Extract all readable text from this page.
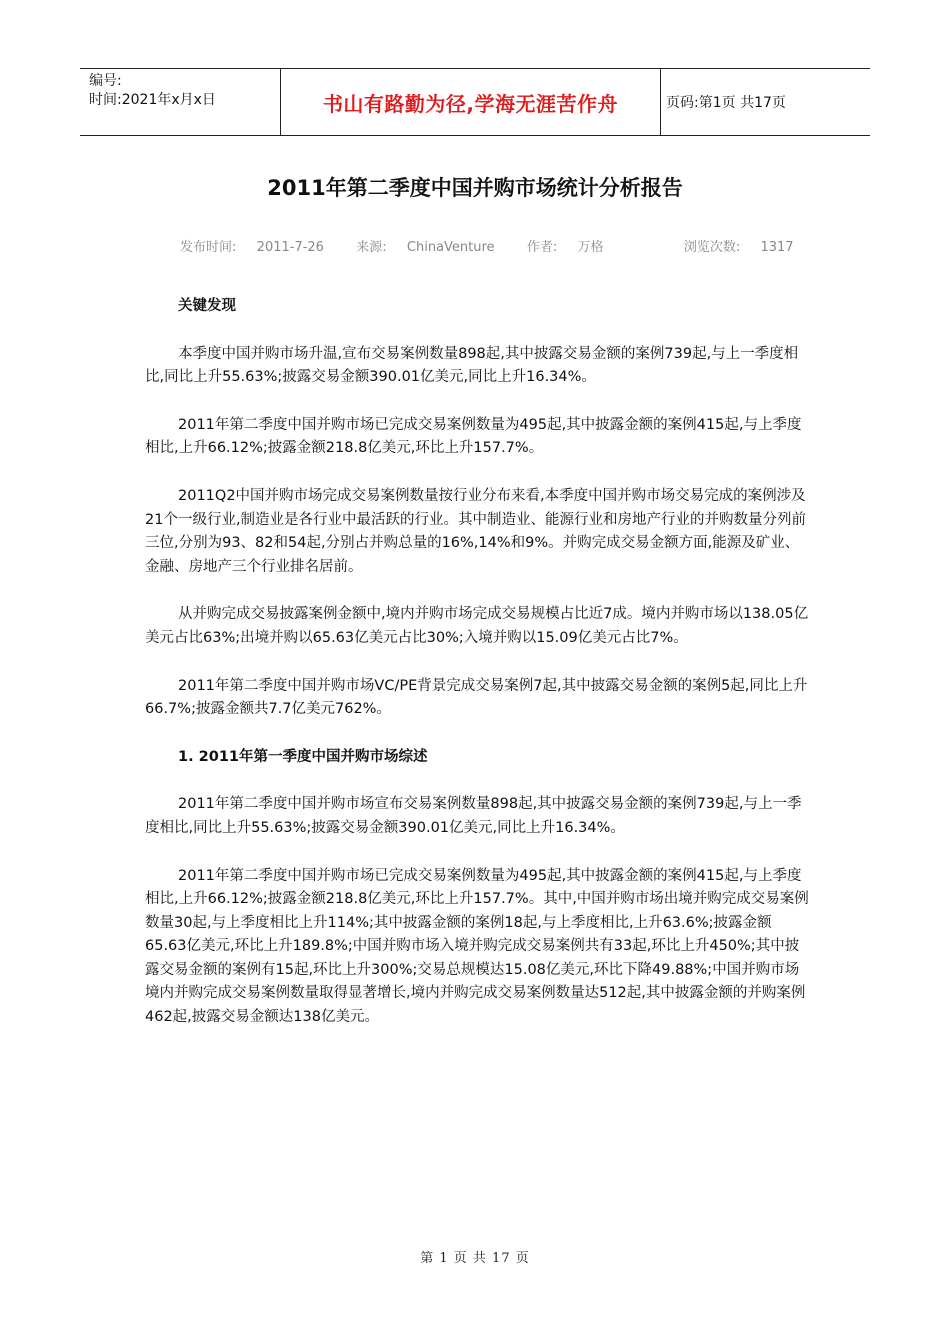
编号:
时间:2021年x月x日	书山有路勤为径,学海无涯苦作舟	页码:第1页 共17页
2011年第二季度中国并购市场统计分析报告
发布时间: 2011-7-26 来源: ChinaVenture 作者: 万格	浏览次数: 1317
关键发现

本季度中国并购市场升温,宣布交易案例数量898起,其中披露交易金额的案例739起,与上一季度相比,同比上升55.63%;披露交易金额390.01亿美元,同比上升16.34%。

2011年第二季度中国并购市场已完成交易案例数量为495起,其中披露金额的案例415起,与上季度相比,上升66.12%;披露金额218.8亿美元,环比上升157.7%。

2011Q2中国并购市场完成交易案例数量按行业分布来看,本季度中国并购市场交易完成的案例涉及21个一级行业,制造业是各行业中最活跃的行业。其中制造业、能源行业和房地产行业的并购数量分列前三位,分别为93、82和54起,分别占并购总量的16%,14%和9%。并购完成交易金额方面,能源及矿业、金融、房地产三个行业排名居前。

从并购完成交易披露案例金额中,境内并购市场完成交易规模占比近7成。境内并购市场以138.05亿美元占比63%;出境并购以65.63亿美元占比30%;入境并购以15.09亿美元占比7%。

2011年第二季度中国并购市场VC/PE背景完成交易案例7起,其中披露交易金额的案例5起,同比上升66.7%;披露金额共7.7亿美元762%。

1. 2011年第一季度中国并购市场综述

2011年第二季度中国并购市场宣布交易案例数量898起,其中披露交易金额的案例739起,与上一季度相比,同比上升55.63%;披露交易金额390.01亿美元,同比上升16.34%。

2011年第二季度中国并购市场已完成交易案例数量为495起,其中披露金额的案例415起,与上季度相比,上升66.12%;披露金额218.8亿美元,环比上升157.7%。其中,中国并购市场出境并购完成交易案例数量30起,与上季度相比上升114%;其中披露金额的案例18起,与上季度相比,上升63.6%;披露金额65.63亿美元,环比上升189.8%;中国并购市场入境并购完成交易案例共有33起,环比上升450%;其中披露交易金额的案例有15起,环比上升300%;交易总规模达15.08亿美元,环比下降49.88%;中国并购市场境内并购完成交易案例数量取得显著增长,境内并购完成交易案例数量达512起,其中披露金额的并购案例462起,披露交易金额达138亿美元。

第 1 页 共 17 页
